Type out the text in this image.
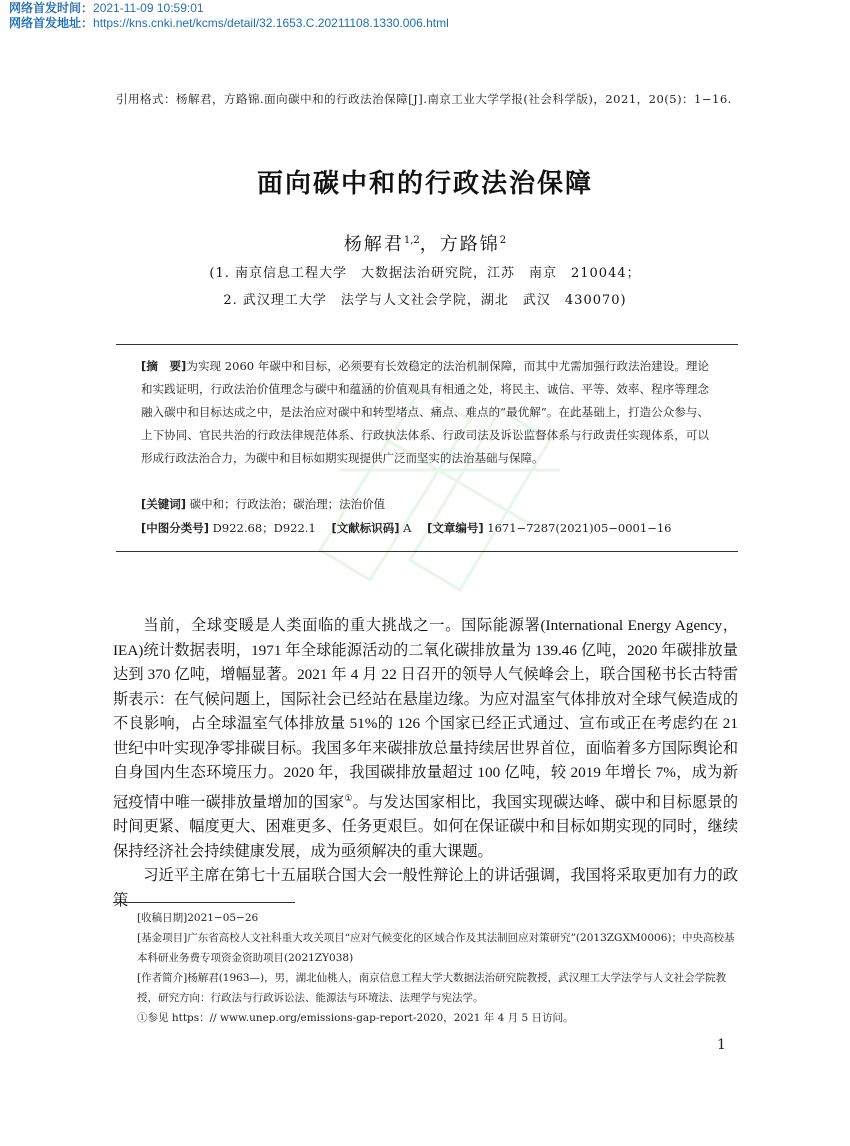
网络首发时间：2021-11-09 10:59:01
网络首发地址：https://kns.cnki.net/kcms/detail/32.1653.C.20211108.1330.006.html
引用格式：杨解君，方路锦.面向碳中和的行政法治保障[J].南京工业大学学报(社会科学版)，2021，20(5)：1−16.
面向碳中和的行政法治保障
杨解君$^{1,2}$，方路锦$^2$
(1. 南京信息工程大学　大数据法治研究院，江苏　南京　210044；
2. 武汉理工大学　法学与人文社会学院，湖北　武汉　430070)
[摘　要]为实现 2060 年碳中和目标，必须要有长效稳定的法治机制保障，而其中尤需加强行政法治建设。理论和实践证明，行政法治价值理念与碳中和蕴涵的价值观具有相通之处，将民主、诚信、平等、效率、程序等理念融入碳中和目标达成之中，是法治应对碳中和转型堵点、痛点、难点的“最优解”。在此基础上，打造公众参与、上下协同、官民共治的行政法律规范体系、行政执法体系、行政司法及诉讼监督体系与行政责任实现体系，可以形成行政法治合力，为碳中和目标如期实现提供广泛而坚实的法治基础与保障。
[关键词] 碳中和；行政法治；碳治理；法治价值
[中图分类号] D922.68；D922.1 [文献标识码] A [文章编号] 1671−7287(2021)05−0001−16

当前，全球变暖是人类面临的重大挑战之一。国际能源署(International Energy Agency，IEA)统计数据表明，1971 年全球能源活动的二氧化碳排放量为 139.46 亿吨，2020 年碳排放量达到 370 亿吨，增幅显著。2021 年 4 月 22 日召开的领导人气候峰会上，联合国秘书长古特雷斯表示：在气候问题上，国际社会已经站在悬崖边缘。为应对温室气体排放对全球气候造成的不良影响，占全球温室气体排放量 51%的 126 个国家已经正式通过、宣布或正在考虑约在 21 世纪中叶实现净零排碳目标。我国多年来碳排放总量持续居世界首位，面临着多方国际舆论和自身国内生态环境压力。2020 年，我国碳排放量超过 100 亿吨，较 2019 年增长 7%，成为新冠疫情中唯一碳排放量增加的国家①。与发达国家相比，我国实现碳达峰、碳中和目标愿景的时间更紧、幅度更大、困难更多、任务更艰巨。如何在保证碳中和目标如期实现的同时，继续保持经济社会持续健康发展，成为亟须解决的重大课题。

习近平主席在第七十五届联合国大会一般性辩论上的讲话强调，我国将采取更加有力的政策

[收稿日期]2021−05−26

[基金项目]广东省高校人文社科重大攻关项目“应对气候变化的区域合作及其法制回应对策研究”(2013ZGXM0006)；中央高校基本科研业务费专项资金资助项目(2021ZY038)

[作者简介]杨解君(1963—)，男，湖北仙桃人，南京信息工程大学大数据法治研究院教授，武汉理工大学法学与人文社会学院教授，研究方向：行政法与行政诉讼法、能源法与环境法、法理学与宪法学。

①参见 https：// www.unep.org/emissions-gap-report-2020，2021 年 4 月 5 日访问。

1
